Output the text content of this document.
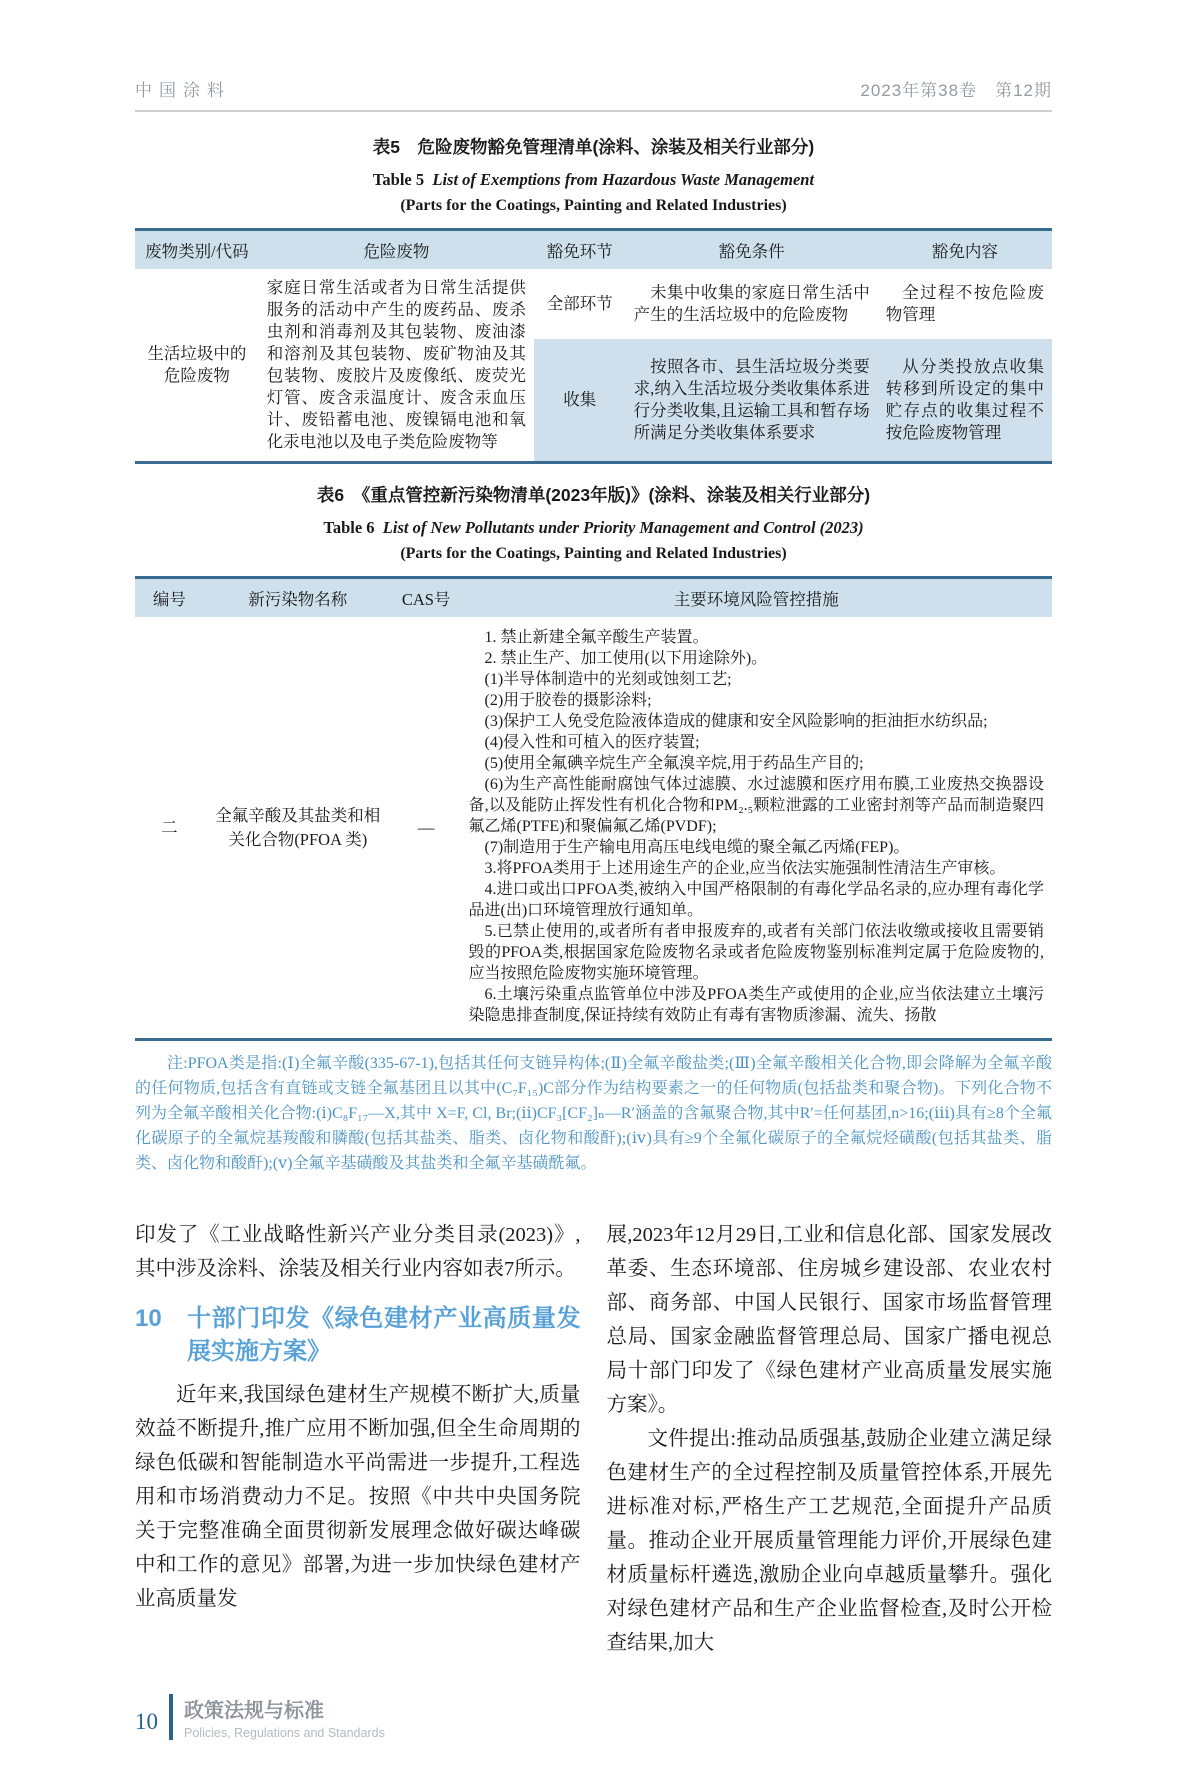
中国涂料	2023年第38卷　第12期
表5　危险废物豁免管理清单(涂料、涂装及相关行业部分)
Table 5 List of Exemptions from Hazardous Waste Management
(Parts for the Coatings, Painting and Related Industries)
废物类别/代码	危险废物	豁免环节	豁免条件	豁免内容
生活垃圾中的危险废物	家庭日常生活或者为日常生活提供服务的活动中产生的废药品、废杀虫剂和消毒剂及其包装物、废油漆和溶剂及其包装物、废矿物油及其包装物、废胶片及废像纸、废荧光灯管、废含汞温度计、废含汞血压计、废铅蓄电池、废镍镉电池和氧化汞电池以及电子类危险废物等	全部环节	未集中收集的家庭日常生活中产生的生活垃圾中的危险废物	全过程不按危险废物管理
		收集	按照各市、县生活垃圾分类要求,纳入生活垃圾分类收集体系进行分类收集,且运输工具和暂存场所满足分类收集体系要求	从分类投放点收集转移到所设定的集中贮存点的收集过程不按危险废物管理
表6　《重点管控新污染物清单(2023年版)》(涂料、涂装及相关行业部分)
Table 6 List of New Pollutants under Priority Management and Control (2023)
(Parts for the Coatings, Painting and Related Industries)
编号	新污染物名称	CAS号	主要环境风险管控措施
二	全氟辛酸及其盐类和相关化合物(PFOA 类)	—	
1. 禁止新建全氟辛酸生产装置。
2. 禁止生产、加工使用(以下用途除外)。
(1)半导体制造中的光刻或蚀刻工艺;
(2)用于胶卷的摄影涂料;
(3)保护工人免受危险液体造成的健康和安全风险影响的拒油拒水纺织品;
(4)侵入性和可植入的医疗装置;
(5)使用全氟碘辛烷生产全氟溴辛烷,用于药品生产目的;
(6)为生产高性能耐腐蚀气体过滤膜、水过滤膜和医疗用布膜,工业废热交换器设备,以及能防止挥发性有机化合物和PM₂.₅颗粒泄露的工业密封剂等产品而制造聚四氟乙烯(PTFE)和聚偏氟乙烯(PVDF);
(7)制造用于生产输电用高压电线电缆的聚全氟乙丙烯(FEP)。
3.将PFOA类用于上述用途生产的企业,应当依法实施强制性清洁生产审核。
4.进口或出口PFOA类,被纳入中国严格限制的有毒化学品名录的,应办理有毒化学品进(出)口环境管理放行通知单。
5.已禁止使用的,或者所有者申报废弃的,或者有关部门依法收缴或接收且需要销毁的PFOA类,根据国家危险废物名录或者危险废物鉴别标准判定属于危险废物的,应当按照危险废物实施环境管理。
6.土壤污染重点监管单位中涉及PFOA类生产或使用的企业,应当依法建立土壤污染隐患排查制度,保证持续有效防止有毒有害物质渗漏、流失、扬散
注:PFOA类是指:(Ⅰ)全氟辛酸(335-67-1),包括其任何支链异构体;(Ⅱ)全氟辛酸盐类;(Ⅲ)全氟辛酸相关化合物,即会降解为全氟辛酸的任何物质,包括含有直链或支链全氟基团且以其中(C₇F₁₅)C部分作为结构要素之一的任何物质(包括盐类和聚合物)。下列化合物不列为全氟辛酸相关化合物:(ⅰ)C₈F₁₇—X,其中 X=F, Cl, Br;(ⅱ)CF₃[CF₂]ₙ—R′涵盖的含氟聚合物,其中R′=任何基团,n>16;(ⅲ)具有≥8个全氟化碳原子的全氟烷基羧酸和膦酸(包括其盐类、脂类、卤化物和酸酐);(ⅳ)具有≥9个全氟化碳原子的全氟烷烃磺酸(包括其盐类、脂类、卤化物和酸酐);(ⅴ)全氟辛基磺酸及其盐类和全氟辛基磺酰氟。

印发了《工业战略性新兴产业分类目录(2023)》,其中涉及涂料、涂装及相关行业内容如表7所示。

10	十部门印发《绿色建材产业高质量发展实施方案》

近年来,我国绿色建材生产规模不断扩大,质量效益不断提升,推广应用不断加强,但全生命周期的绿色低碳和智能制造水平尚需进一步提升,工程选用和市场消费动力不足。按照《中共中央国务院关于完整准确全面贯彻新发展理念做好碳达峰碳中和工作的意见》部署,为进一步加快绿色建材产业高质量发

展,2023年12月29日,工业和信息化部、国家发展改革委、生态环境部、住房城乡建设部、农业农村部、商务部、中国人民银行、国家市场监督管理总局、国家金融监督管理总局、国家广播电视总局十部门印发了《绿色建材产业高质量发展实施方案》。

文件提出:推动品质强基,鼓励企业建立满足绿色建材生产的全过程控制及质量管控体系,开展先进标准对标,严格生产工艺规范,全面提升产品质量。推动企业开展质量管理能力评价,开展绿色建材质量标杆遴选,激励企业向卓越质量攀升。强化对绿色建材产品和生产企业监督检查,及时公开检查结果,加大

10 政策法规与标准
Policies, Regulations and Standards
